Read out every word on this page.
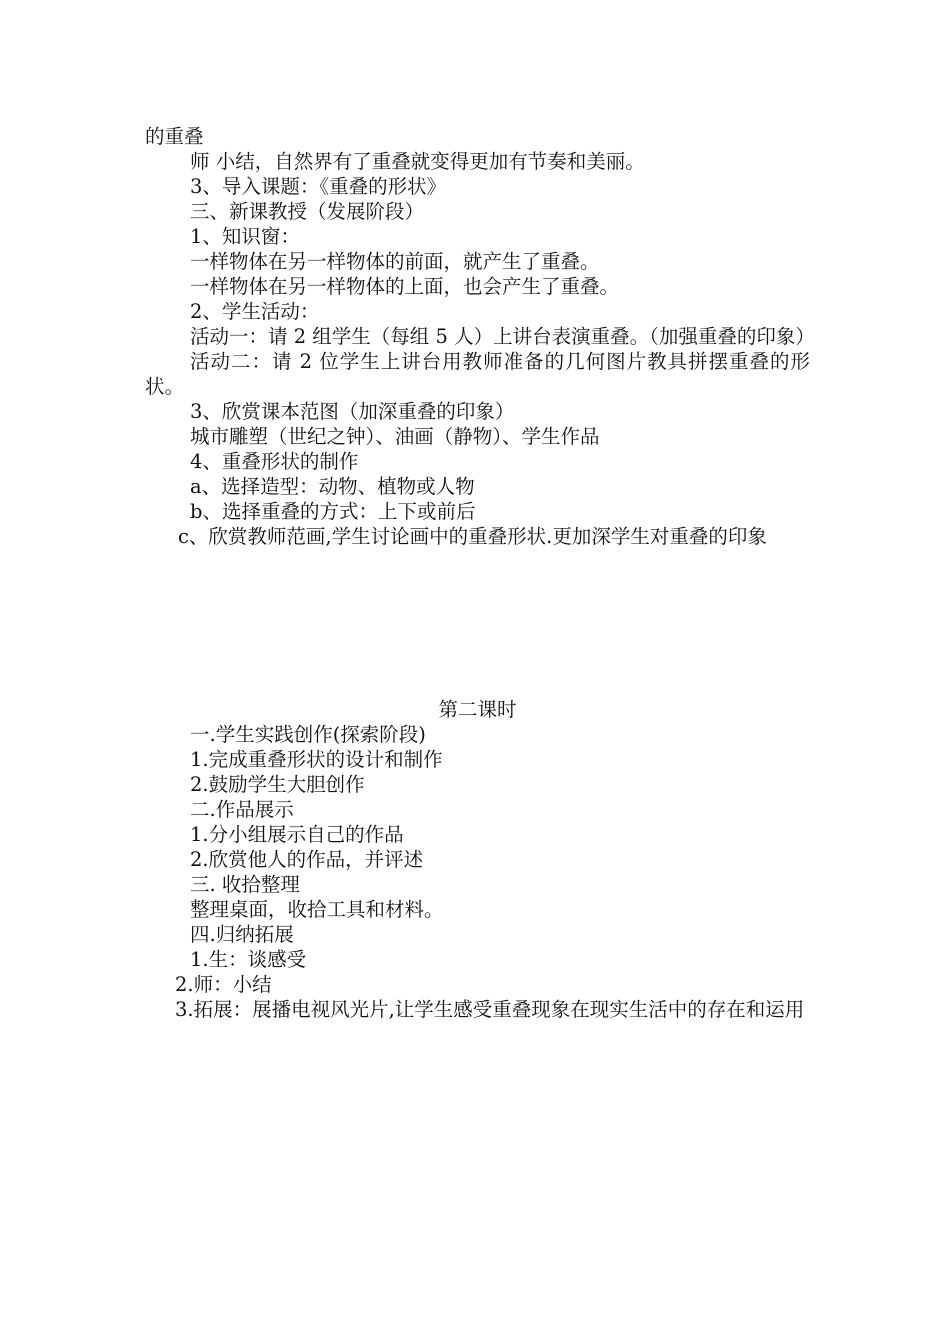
的重叠
师 小结，自然界有了重叠就变得更加有节奏和美丽。
3、导入课题：《重叠的形状》
三、新课教授（发展阶段）
1、知识窗：
一样物体在另一样物体的前面，就产生了重叠。
一样物体在另一样物体的上面，也会产生了重叠。
2、学生活动：
活动一：请 2 组学生（每组 5 人）上讲台表演重叠。（加强重叠的印象）
活动二：请 2 位学生上讲台用教师准备的几何图片教具拼摆重叠的形状。
3、欣赏课本范图（加深重叠的印象）
城市雕塑（世纪之钟）、油画（静物）、学生作品
4、重叠形状的制作
a、选择造型：动物、植物或人物
b、选择重叠的方式：上下或前后
c、欣赏教师范画,学生讨论画中的重叠形状.更加深学生对重叠的印象
第二课时
一.学生实践创作(探索阶段)
1.完成重叠形状的设计和制作
2.鼓励学生大胆创作
二.作品展示
1.分小组展示自己的作品
2.欣赏他人的作品，并评述
三. 收拾整理
整理桌面，收拾工具和材料。
四.归纳拓展
1.生：谈感受
2.师：小结
3.拓展：展播电视风光片,让学生感受重叠现象在现实生活中的存在和运用
